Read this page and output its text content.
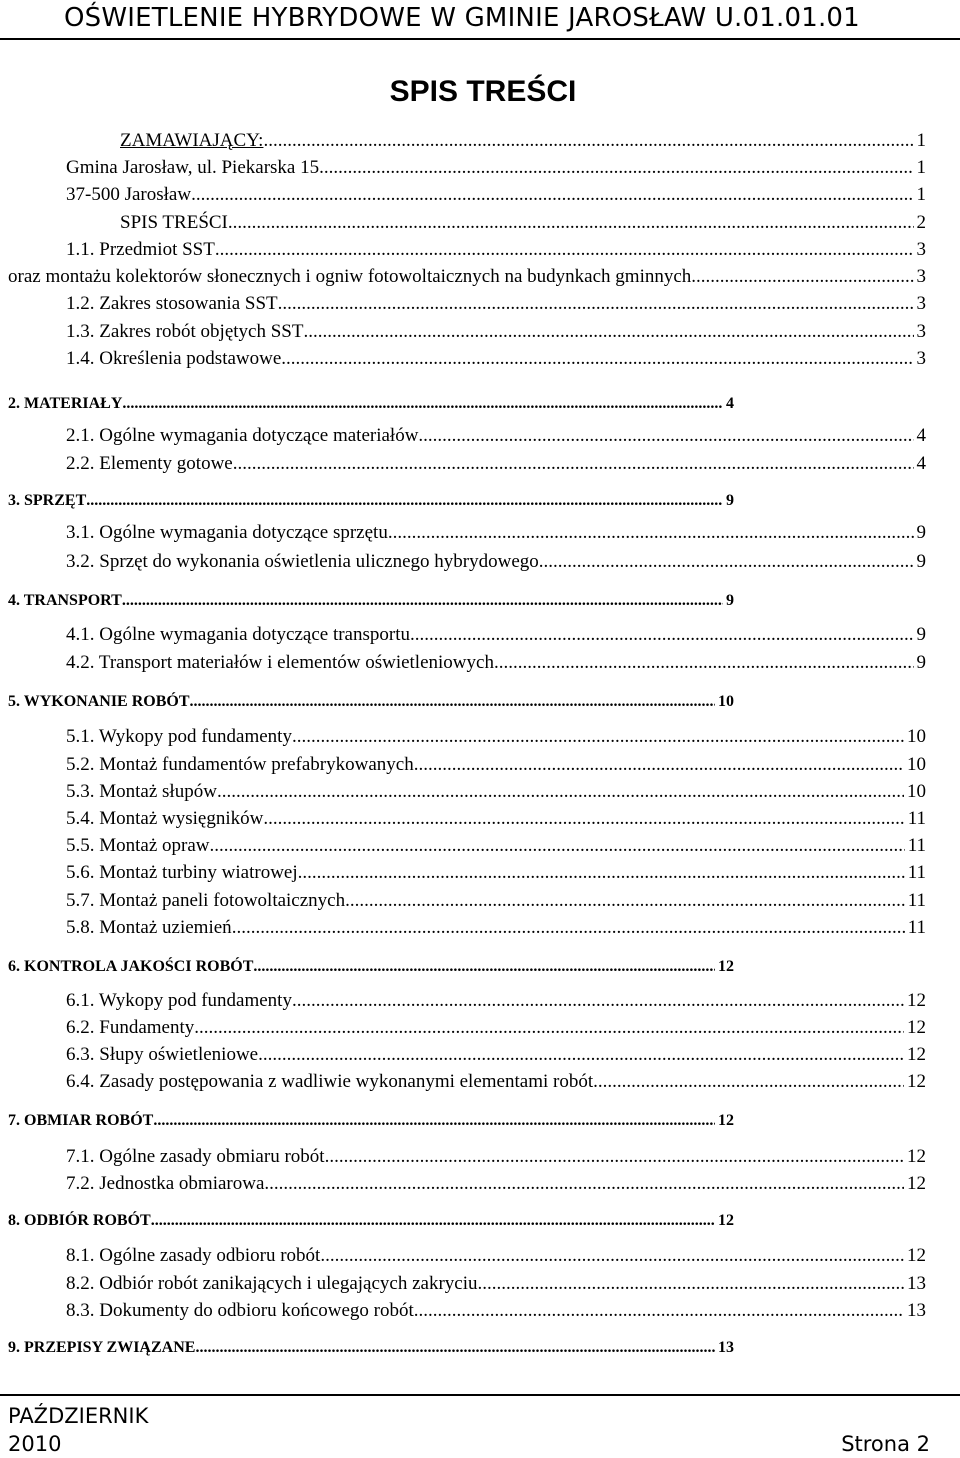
OŚWIETLENIE HYBRYDOWE W GMINIE JAROSŁAW U.01.01.01
SPIS TREŚCI
ZAMAWIAJĄCY: .....	1
Gmina Jarosław, ul. Piekarska 15 .....	1
37-500 Jarosław .....	1
SPIS TREŚCI .....	2
1.1. Przedmiot SST .....	3
oraz montażu kolektorów słonecznych i ogniw fotowoltaicznych na budynkach gminnych. .....	3
1.2. Zakres stosowania SST .....	3
1.3. Zakres robót objętych SST .....	3
1.4. Określenia podstawowe .....	3
2. MATERIAŁY .....	4
2.1. Ogólne wymagania dotyczące materiałów .....	4
2.2. Elementy gotowe .....	4
3. SPRZĘT .....	9
3.1. Ogólne wymagania dotyczące sprzętu .....	9
3.2. Sprzęt do wykonania oświetlenia ulicznego hybrydowego .....	9
4. TRANSPORT .....	9
4.1. Ogólne wymagania dotyczące transportu .....	9
4.2. Transport materiałów i elementów oświetleniowych .....	9
5. WYKONANIE ROBÓT .....	10
5.1. Wykopy pod fundamenty .....	10
5.2. Montaż fundamentów prefabrykowanych .....	10
5.3. Montaż słupów .....	10
5.4. Montaż wysięgników .....	11
5.5. Montaż opraw .....	11
5.6. Montaż turbiny wiatrowej .....	11
5.7. Montaż paneli fotowoltaicznych .....	11
5.8. Montaż uziemień .....	11
6. KONTROLA JAKOŚCI ROBÓT .....	12
6.1. Wykopy pod fundamenty .....	12
6.2. Fundamenty .....	12
6.3. Słupy oświetleniowe .....	12
6.4. Zasady postępowania z wadliwie wykonanymi elementami robót .....	12
7. OBMIAR ROBÓT .....	12
7.1. Ogólne zasady obmiaru robót .....	12
7.2. Jednostka obmiarowa .....	12
8. ODBIÓR ROBÓT .....	12
8.1. Ogólne zasady odbioru robót .....	12
8.2. Odbiór robót zanikających i ulegających zakryciu .....	13
8.3. Dokumenty do odbioru końcowego robót .....	13
9. PRZEPISY ZWIĄZANE .....	13
PAŹDZIERNIK
2010	Strona 2
